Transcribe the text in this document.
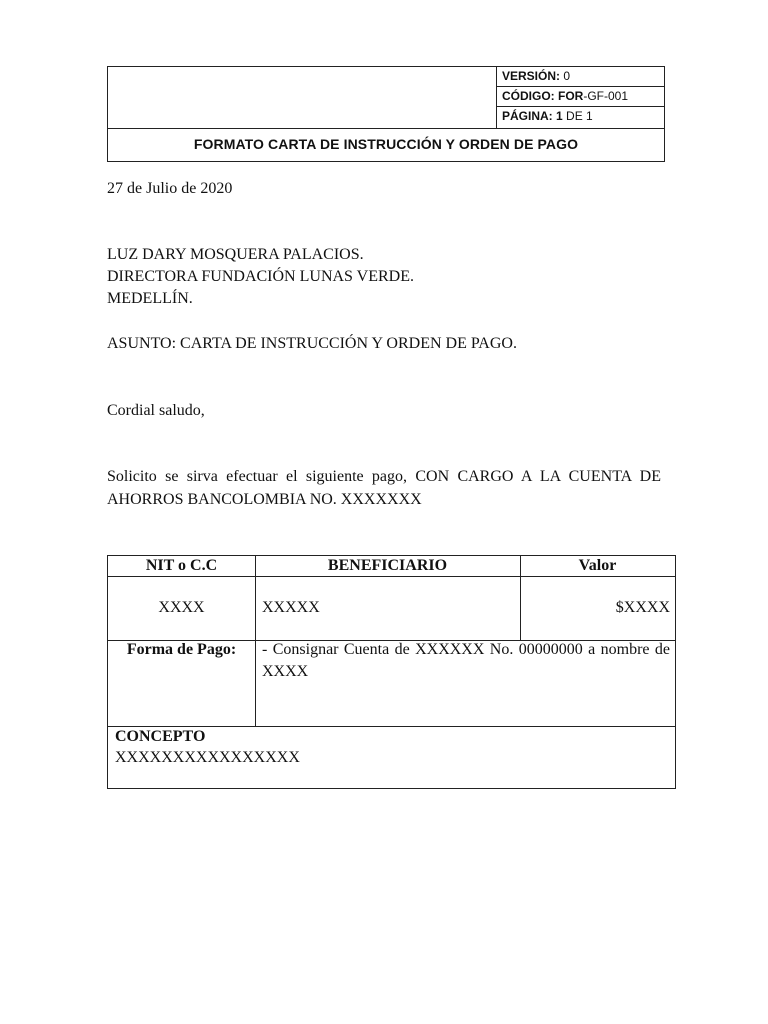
VERSIÓN: 0
CÓDIGO: FOR-GF-001
PÁGINA: 1 DE 1
FORMATO CARTA DE INSTRUCCIÓN Y ORDEN DE PAGO
27 de Julio de 2020
LUZ DARY MOSQUERA PALACIOS.
DIRECTORA FUNDACIÓN LUNAS VERDE.
MEDELLÍN.
ASUNTO: CARTA DE INSTRUCCIÓN Y ORDEN DE PAGO.
Cordial saludo,
Solicito se sirva efectuar el siguiente pago, CON CARGO A LA CUENTA DE AHORROS BANCOLOMBIA NO. XXXXXXX
NIT o C.C	BENEFICIARIO	Valor
XXXX	XXXXX	$XXXX
Forma de Pago:	- Consignar Cuenta de XXXXXX No. 00000000 a nombre de XXXX
CONCEPTO
XXXXXXXXXXXXXXXX
